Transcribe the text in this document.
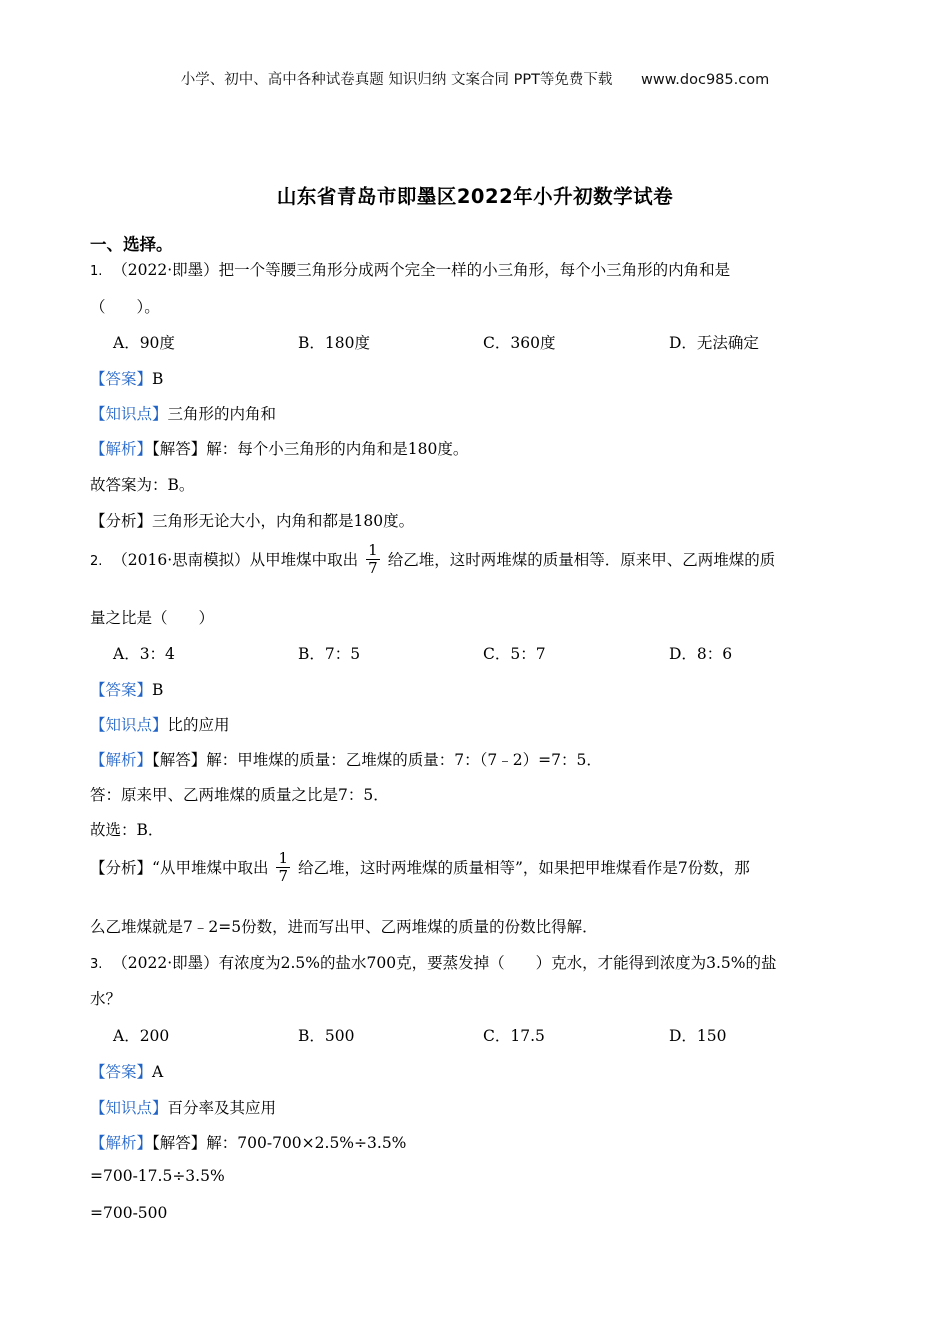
小学、初中、高中各种试卷真题 知识归纳 文案合同 PPT等免费下载 www.doc985.com
山东省青岛市即墨区2022年小升初数学试卷
一、选择。
1. （2022·即墨）把一个等腰三角形分成两个完全一样的小三角形，每个小三角形的内角和是
（　　）。
A．90度	B．180度	C．360度	D．无法确定
【答案】B
【知识点】三角形的内角和
【解析】【解答】解：每个小三角形的内角和是180度。
故答案为：B。
【分析】三角形无论大小，内角和都是180度。
2. （2016·思南模拟）从甲堆煤中取出 $\frac{1}{7}$ 给乙堆，这时两堆煤的质量相等．原来甲、乙两堆煤的质
量之比是（　　）
A．3：4	B．7：5	C．5：7	D．8：6
【答案】B
【知识点】比的应用
【解析】【解答】解：甲堆煤的质量：乙堆煤的质量：7：（7﹣2）=7：5．
答：原来甲、乙两堆煤的质量之比是7：5．
故选：B．
【分析】“从甲堆煤中取出 $\frac{1}{7}$ 给乙堆，这时两堆煤的质量相等”，如果把甲堆煤看作是7份数，那
么乙堆煤就是7﹣2=5份数，进而写出甲、乙两堆煤的质量的份数比得解．
3. （2022·即墨）有浓度为2.5%的盐水700克，要蒸发掉（　　）克水，才能得到浓度为3.5%的盐
水？
A．200	B．500	C．17.5	D．150
【答案】A
【知识点】百分率及其应用
【解析】【解答】解：700-700×2.5%÷3.5%
=700-17.5÷3.5%
=700-500
